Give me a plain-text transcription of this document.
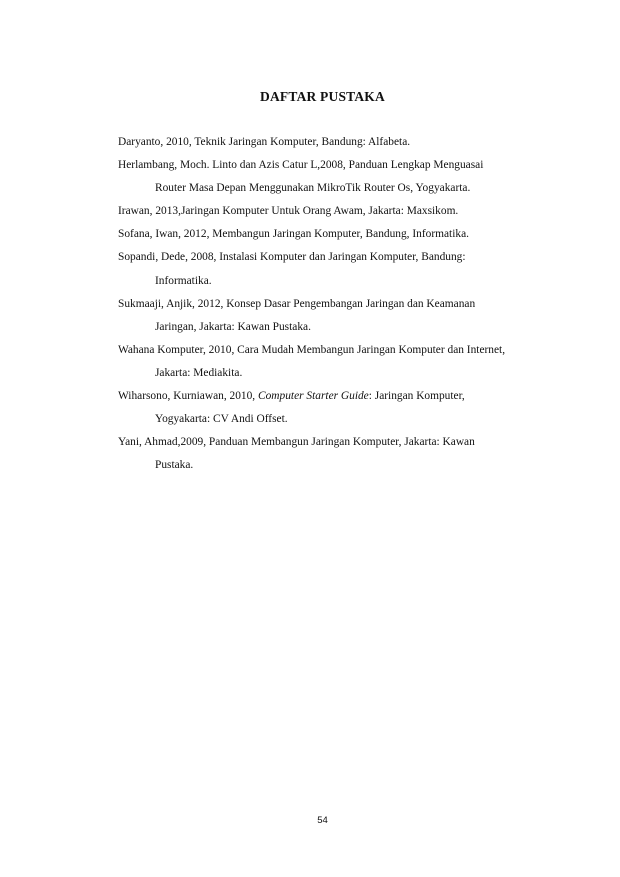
DAFTAR PUSTAKA
Daryanto, 2010, Teknik Jaringan Komputer, Bandung: Alfabeta.
Herlambang, Moch. Linto dan Azis Catur L,2008, Panduan Lengkap Menguasai Router Masa Depan Menggunakan MikroTik Router Os, Yogyakarta.
Irawan, 2013,Jaringan Komputer Untuk Orang Awam, Jakarta: Maxsikom.
Sofana, Iwan, 2012, Membangun Jaringan Komputer, Bandung, Informatika.
Sopandi, Dede, 2008, Instalasi Komputer dan Jaringan Komputer, Bandung: Informatika.
Sukmaaji, Anjik, 2012, Konsep Dasar Pengembangan Jaringan dan Keamanan Jaringan, Jakarta: Kawan Pustaka.
Wahana Komputer, 2010, Cara Mudah Membangun Jaringan Komputer dan Internet, Jakarta: Mediakita.
Wiharsono, Kurniawan, 2010, Computer Starter Guide: Jaringan Komputer, Yogyakarta: CV Andi Offset.
Yani, Ahmad,2009, Panduan Membangun Jaringan Komputer, Jakarta: Kawan Pustaka.
54
